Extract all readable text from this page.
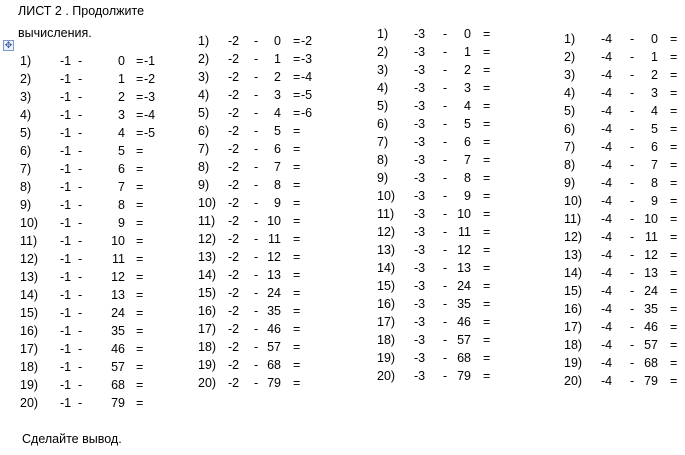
ЛИСТ 2 . Продолжите
вычисления.
✥
1) -1 -	0 = -1
2) -1 -	1 = -2
3) -1 -	2 = -3
4) -1 -	3 = -4
5) -1 -	4 = -5
6) -1 -	5 =
7) -1 -	6 =
8) -1 -	7 =
9) -1 -	8 =
10) -1 -	9 =
11) -1 - 10 =
12) -1 - 11 =
13) -1 - 12 =
14) -1 - 13 =
15) -1 - 24 =
16) -1 - 35 =
17) -1 - 46 =
18) -1 - 57 =
19) -1 - 68 =
20) -1 - 79 =
1) -2 - 0 = -2
2) -2 - 1 = -3
3) -2 - 2 = -4
4) -2 - 3 = -5
5) -2 - 4 = -6
6) -2 - 5 =
7) -2 - 6 =
8) -2 - 7 =
9) -2 - 8 =
10) -2 - 9 =
11) -2 - 10 =
12) -2 - 11 =
13) -2 - 12 =
14) -2 - 13 =
15) -2 - 24 =
16) -2 - 35 =
17) -2 - 46 =
18) -2 - 57 =
19) -2 - 68 =
20) -2 - 79 =
1) -3 - 0 =
2) -3 - 1 =
3) -3 - 2 =
4) -3 - 3 =
5) -3 - 4 =
6) -3 - 5 =
7) -3 - 6 =
8) -3 - 7 =
9) -3 - 8 =
10) -3 - 9 =
11) -3 - 10 =
12) -3 - 11 =
13) -3 - 12 =
14) -3 - 13 =
15) -3 - 24 =
16) -3 - 35 =
17) -3 - 46 =
18) -3 - 57 =
19) -3 - 68 =
20) -3 - 79 =
1) -4 - 0 =
2) -4 - 1 =
3) -4 - 2 =
4) -4 - 3 =
5) -4 - 4 =
6) -4 - 5 =
7) -4 - 6 =
8) -4 - 7 =
9) -4 - 8 =
10) -4 - 9 =
11) -4 - 10 =
12) -4 - 11 =
13) -4 - 12 =
14) -4 - 13 =
15) -4 - 24 =
16) -4 - 35 =
17) -4 - 46 =
18) -4 - 57 =
19) -4 - 68 =
20) -4 - 79 =
Сделайте вывод.
